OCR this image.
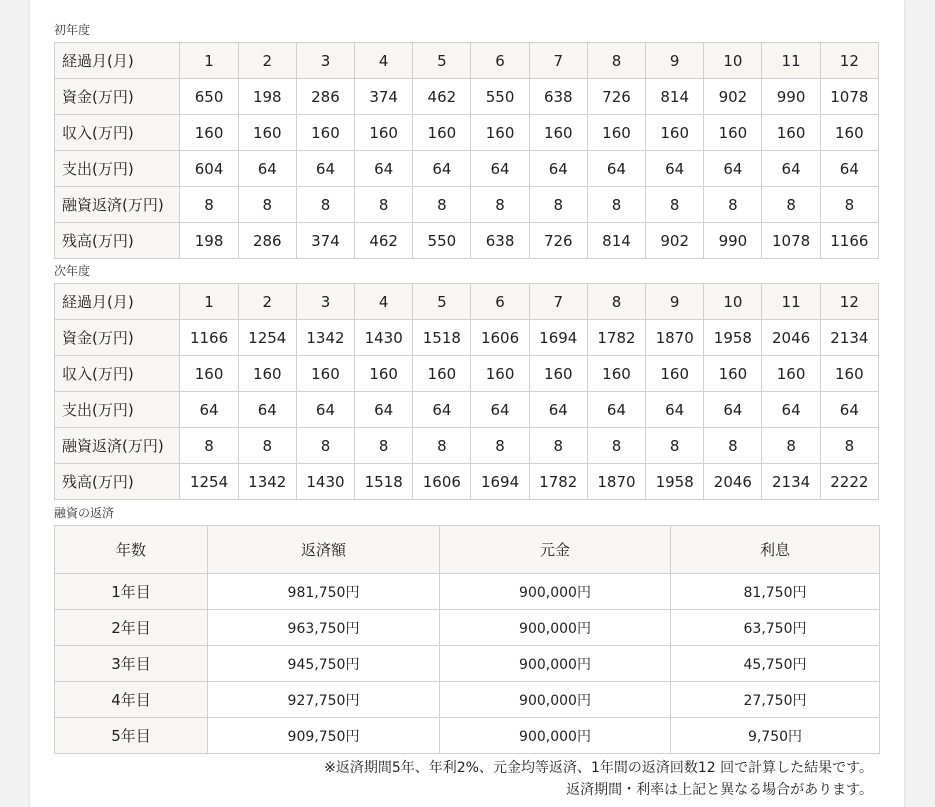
初年度
経過月(月)	1	2	3	4	5	6	7	8	9	10	11	12
資金(万円)	650	198	286	374	462	550	638	726	814	902	990	1078
収入(万円)	160	160	160	160	160	160	160	160	160	160	160	160
支出(万円)	604	64	64	64	64	64	64	64	64	64	64	64
融資返済(万円)	8	8	8	8	8	8	8	8	8	8	8	8
残高(万円)	198	286	374	462	550	638	726	814	902	990	1078	1166
次年度
経過月(月)	1	2	3	4	5	6	7	8	9	10	11	12
資金(万円)	1166	1254	1342	1430	1518	1606	1694	1782	1870	1958	2046	2134
収入(万円)	160	160	160	160	160	160	160	160	160	160	160	160
支出(万円)	64	64	64	64	64	64	64	64	64	64	64	64
融資返済(万円)	8	8	8	8	8	8	8	8	8	8	8	8
残高(万円)	1254	1342	1430	1518	1606	1694	1782	1870	1958	2046	2134	2222
融資の返済
年数	返済額	元金	利息
1年目	981,750円	900,000円	81,750円
2年目	963,750円	900,000円	63,750円
3年目	945,750円	900,000円	45,750円
4年目	927,750円	900,000円	27,750円
5年目	909,750円	900,000円	9,750円
※返済期間5年、年利2%、元金均等返済、1年間の返済回数12 回で計算した結果です。
返済期間・利率は上記と異なる場合があります。
